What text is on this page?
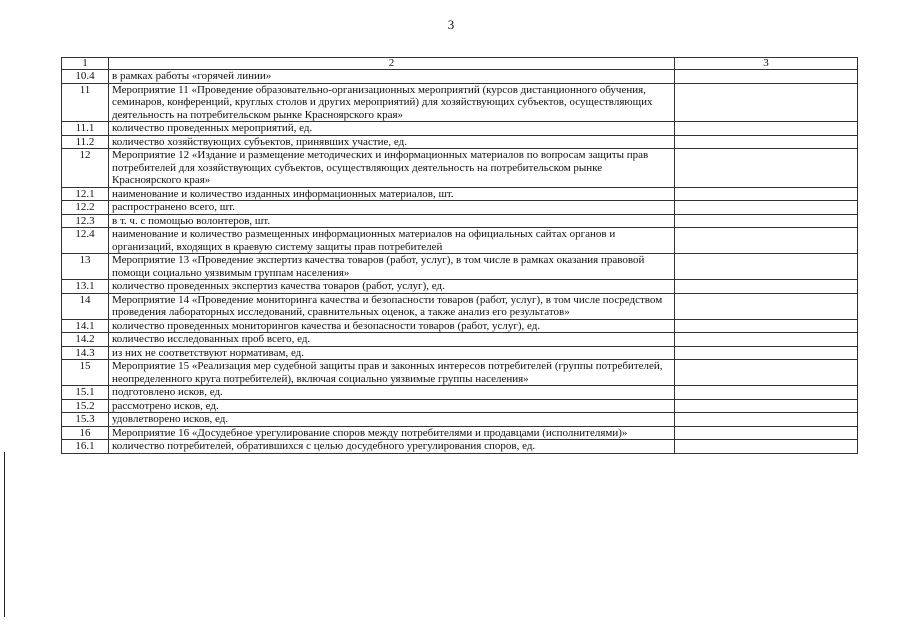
3
1	2	3
10.4	в рамках работы «горячей линии»	
11	Мероприятие 11 «Проведение образовательно-организационных мероприятий (курсов дистанционного обучения, семинаров, конференций, круглых столов и других мероприятий) для хозяйствующих субъектов, осуществляющих деятельность на потребительском рынке Красноярского края»	
11.1	количество проведенных мероприятий, ед.	
11.2	количество хозяйствующих субъектов, принявших участие, ед.	
12	Мероприятие 12 «Издание и размещение методических и информационных материалов по вопросам защиты прав потребителей для хозяйствующих субъектов, осуществляющих деятельность на потребительском рынке Красноярского края»	
12.1	наименование и количество изданных информационных материалов, шт.	
12.2	распространено всего, шт.	
12.3	в т. ч. с помощью волонтеров, шт.	
12.4	наименование и количество размещенных информационных материалов на официальных сайтах органов и организаций, входящих в краевую систему защиты прав потребителей	
13	Мероприятие 13 «Проведение экспертиз качества товаров (работ, услуг), в том числе в рамках оказания правовой помощи социально уязвимым группам населения»	
13.1	количество проведенных экспертиз качества товаров (работ, услуг), ед.	
14	Мероприятие 14 «Проведение мониторинга качества и безопасности товаров (работ, услуг), в том числе посредством проведения лабораторных исследований, сравнительных оценок, а также анализ его результатов»	
14.1	количество проведенных мониторингов качества и безопасности товаров (работ, услуг), ед.	
14.2	количество исследованных проб всего, ед.	
14.3	из них не соответствуют нормативам, ед.	
15	Мероприятие 15 «Реализация мер судебной защиты прав и законных интересов потребителей (группы потребителей, неопределенного круга потребителей), включая социально уязвимые группы населения»	
15.1	подготовлено исков, ед.	
15.2	рассмотрено исков, ед.	
15.3	удовлетворено исков, ед.	
16	Мероприятие 16 «Досудебное урегулирование споров между потребителями и продавцами (исполнителями)»	
16.1	количество потребителей, обратившихся с целью досудебного урегулирования споров, ед.	
